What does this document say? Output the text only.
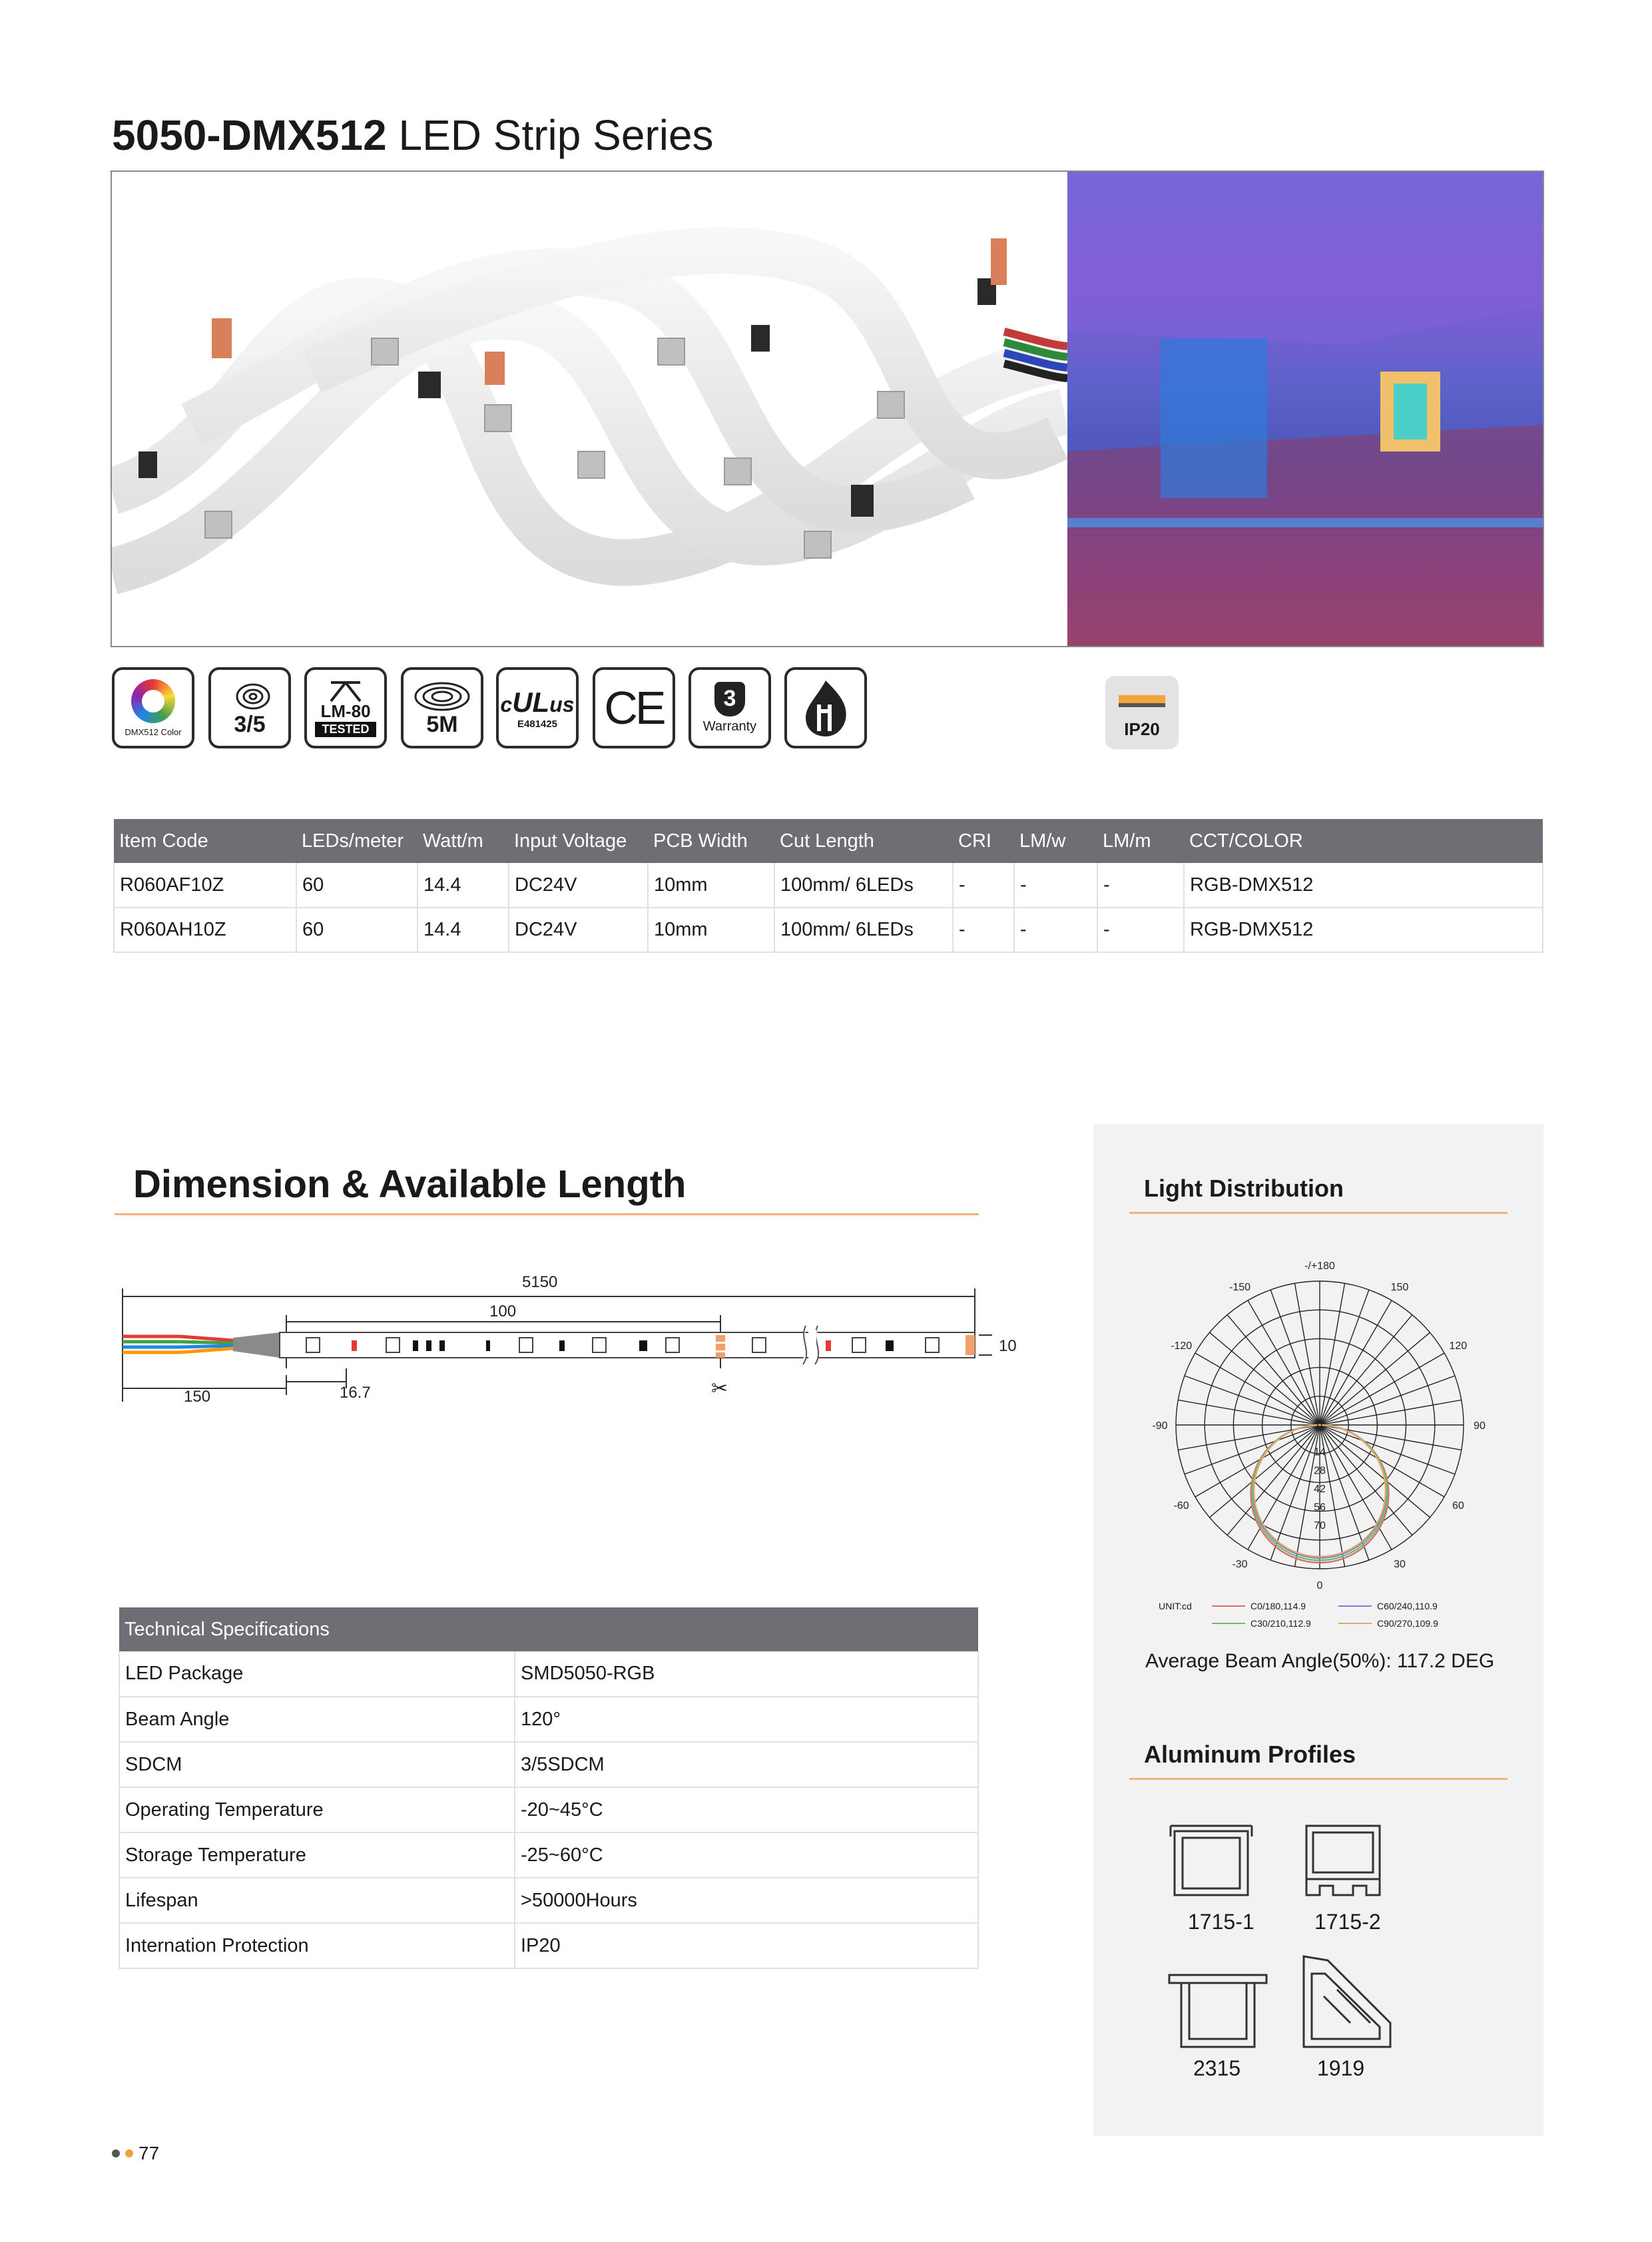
5050-DMX512 LED Strip Series
DMX512 Color 3/5
LM-80
TESTED	5M
cULus
E481425 CE	3
Warranty	IP20
Item Code	LEDs/meter	Watt/m	Input Voltage	PCB Width	Cut Length	CRI	LM/w	LM/m	CCT/COLOR
R060AF10Z	60	14.4	DC24V	10mm	100mm/ 6LEDs	-	-	-	RGB-DMX512
R060AH10Z	60	14.4	DC24V	10mm	100mm/ 6LEDs	-	-	-	RGB-DMX512
Dimension & Available Length
5150
100
150	16.7
10
✂
Technical Specifications	
LED Package	SMD5050-RGB
Beam Angle	120°
SDCM	3/5SDCM
Operating Temperature	-20~45°C
Storage Temperature	-25~60°C
Lifespan	>50000Hours
Internation Protection	IP20
Light Distribution
-/+180
-150	150
-120	120
-90	90
-60	60
-30	30
0
0
14
28
42
56
70
UNIT:cd	C0/180,114.9	C60/240,110.9
C30/210,112.9	C90/270,109.9
Average Beam Angle(50%): 117.2 DEG
Aluminum Profiles
1715-1	1715-2
2315	1919
77
